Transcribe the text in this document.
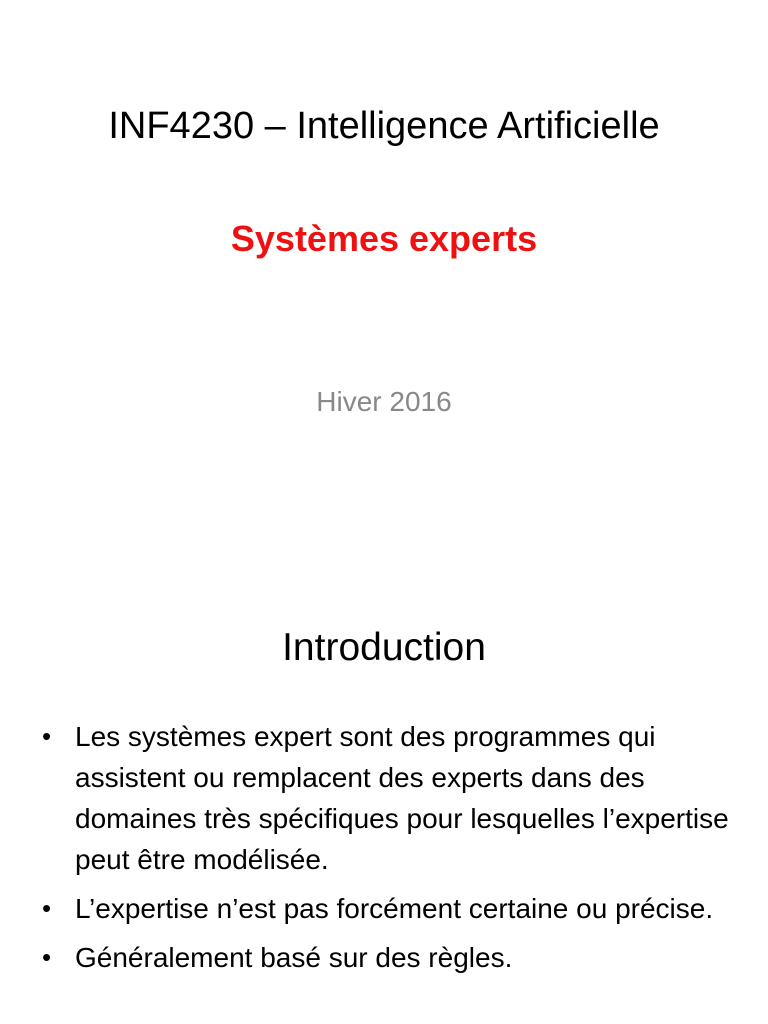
INF4230 – Intelligence Artificielle
Systèmes experts
Hiver 2016
Introduction
• Les systèmes expert sont des programmes qui assistent ou remplacent des experts dans des domaines très spécifiques pour lesquelles l’expertise peut être modélisée.
• L’expertise n’est pas forcément certaine ou précise.
• Généralement basé sur des règles.
